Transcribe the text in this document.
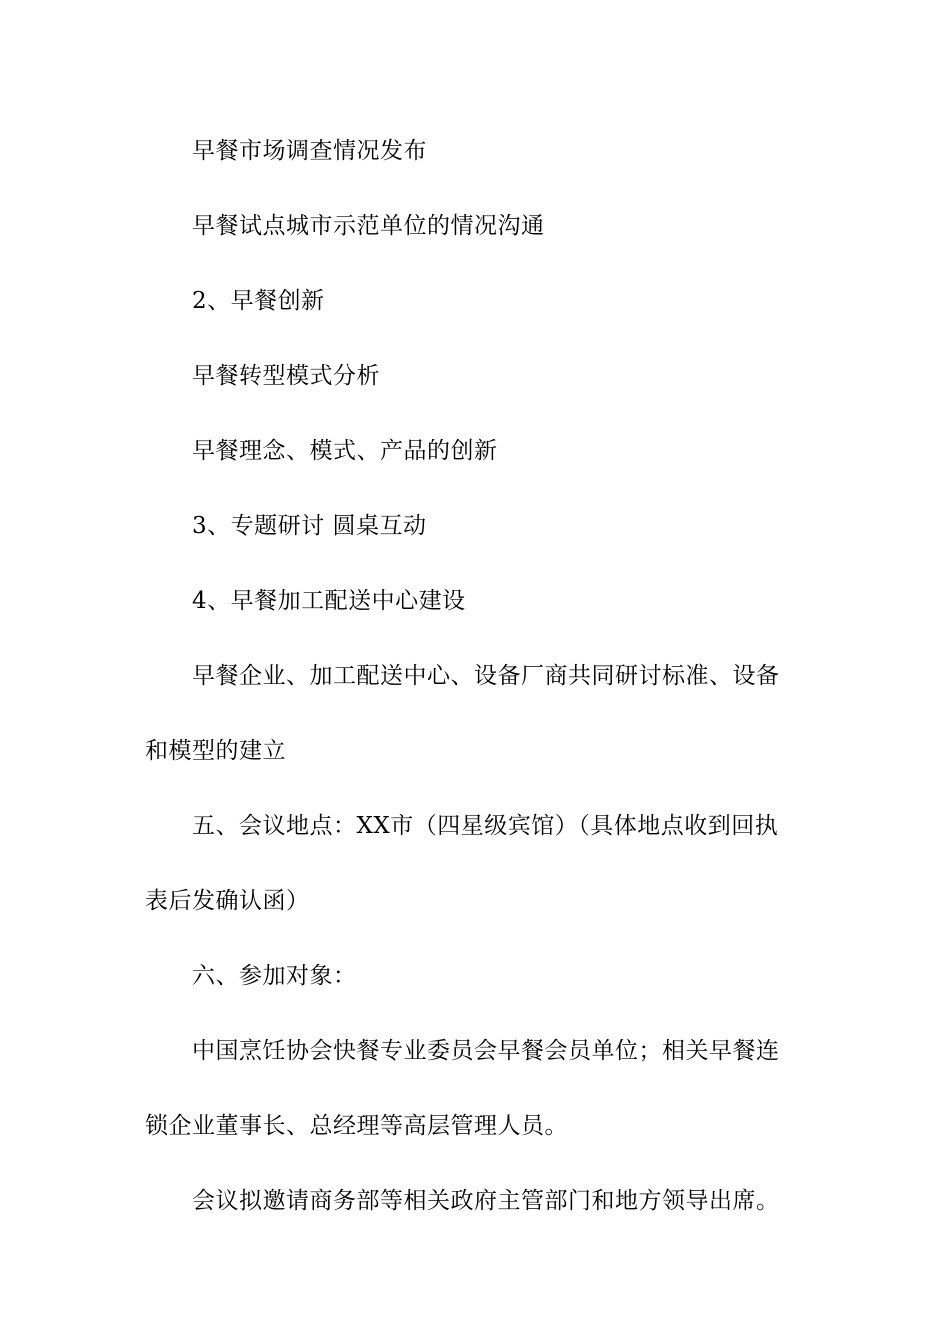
早餐市场调查情况发布
早餐试点城市示范单位的情况沟通
2、早餐创新
早餐转型模式分析
早餐理念、模式、产品的创新
3、专题研讨 圆桌互动
4、早餐加工配送中心建设
早餐企业、加工配送中心、设备厂商共同研讨标准、设备
和模型的建立
五、会议地点：XX市（四星级宾馆）（具体地点收到回执
表后发确认函）
六、参加对象：
中国烹饪协会快餐专业委员会早餐会员单位；相关早餐连
锁企业董事长、总经理等高层管理人员。
会议拟邀请商务部等相关政府主管部门和地方领导出席。
